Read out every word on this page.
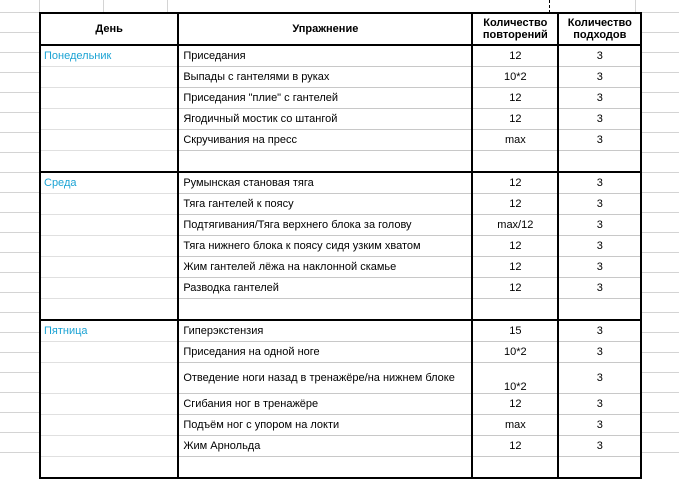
День		Упражнение	Количество повторений	Количество подходов
Понедельник		Приседания	12	3
		Выпады с гантелями в руках	10*2	3
		Приседания "плие" с гантелей	12	3
		Ягодичный мостик со штангой	12	3
		Скручивания на пресс	max	3

Среда		Румынская становая тяга	12	3
		Тяга гантелей к поясу	12	3
		Подтягивания/Тяга верхнего блока за голову	max/12	3
		Тяга нижнего блока к поясу сидя узким хватом	12	3
		Жим гантелей лёжа на наклонной скамье	12	3
		Разводка гантелей	12	3

Пятница		Гиперэкстензия	15	3
		Приседания на одной ноге	10*2	3
		Отведение ноги назад в тренажёре/на нижнем блоке	10*2	3
		Сгибания ног в тренажёре	12	3
		Подъём ног с упором на локти	max	3
		Жим Арнольда	12	3
